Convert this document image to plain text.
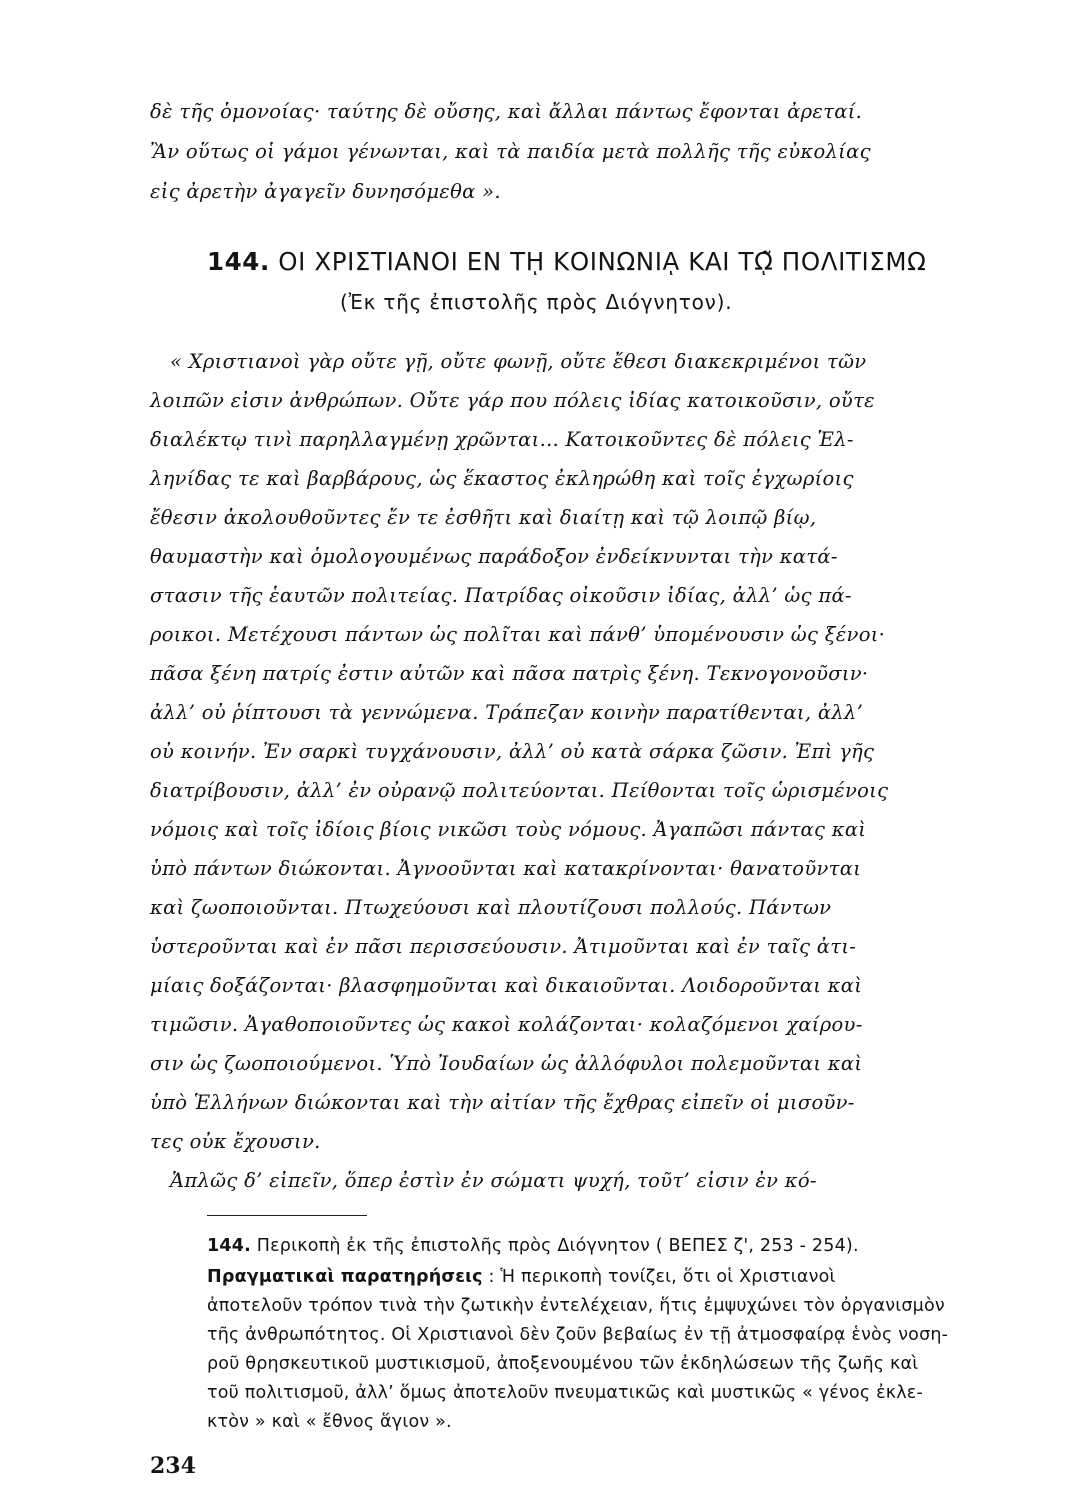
δὲ τῆς ὁμονοίας· ταύτης δὲ οὔσης, καὶ ἄλλαι πάντως ἔφονται ἀρεταί.
Ἂν οὕτως οἱ γάμοι γένωνται, καὶ τὰ παιδία μετὰ πολλῆς τῆς εὐκολίας
εἰς ἀρετὴν ἀγαγεῖν δυνησόμεθα ».
144. ΟΙ ΧΡΙΣΤΙΑΝΟΙ ΕΝ Τῌ ΚΟΙΝΩΝΙᾼ ΚΑΙ Τῼ͂ ΠΟΛΙΤΙΣΜΩ
(Ἐκ τῆς ἐπιστολῆς πρὸς Διόγνητον).
« Χριστιανοὶ γὰρ οὔτε γῇ, οὔτε φωνῇ, οὔτε ἔθεσι διακεκριμένοι τῶν
λοιπῶν εἰσιν ἀνθρώπων. Οὔτε γάρ που πόλεις ἰδίας κατοικοῦσιν, οὔτε
διαλέκτῳ τινὶ παρηλλαγμένῃ χρῶνται... Κατοικοῦντες δὲ πόλεις Ἑλ-
ληνίδας τε καὶ βαρβάρους, ὡς ἕκαστος ἐκληρώθη καὶ τοῖς ἐγχωρίοις
ἔθεσιν ἀκολουθοῦντες ἔν τε ἐσθῆτι καὶ διαίτῃ καὶ τῷ λοιπῷ βίῳ,
θαυμαστὴν καὶ ὁμολογουμένως παράδοξον ἐνδείκνυνται τὴν κατά-
στασιν τῆς ἑαυτῶν πολιτείας. Πατρίδας οἰκοῦσιν ἰδίας, ἀλλ’ ὡς πά-
ροικοι. Μετέχουσι πάντων ὡς πολῖται καὶ πάνθ’ ὑπομένουσιν ὡς ξένοι·
πᾶσα ξένη πατρίς ἐστιν αὐτῶν καὶ πᾶσα πατρὶς ξένη. Τεκνογονοῦσιν·
ἀλλ’ οὐ ῥίπτουσι τὰ γεννώμενα. Τράπεζαν κοινὴν παρατίθενται, ἀλλ’
οὐ κοινήν. Ἐν σαρκὶ τυγχάνουσιν, ἀλλ’ οὐ κατὰ σάρκα ζῶσιν. Ἐπὶ γῆς
διατρίβουσιν, ἀλλ’ ἐν οὐρανῷ πολιτεύονται. Πείθονται τοῖς ὡρισμένοις
νόμοις καὶ τοῖς ἰδίοις βίοις νικῶσι τοὺς νόμους. Ἀγαπῶσι πάντας καὶ
ὑπὸ πάντων διώκονται. Ἀγνοοῦνται καὶ κατακρίνονται· θανατοῦνται
καὶ ζωοποιοῦνται. Πτωχεύουσι καὶ πλουτίζουσι πολλούς. Πάντων
ὑστεροῦνται καὶ ἐν πᾶσι περισσεύουσιν. Ἀτιμοῦνται καὶ ἐν ταῖς ἀτι-
μίαις δοξάζονται· βλασφημοῦνται καὶ δικαιοῦνται. Λοιδοροῦνται καὶ
τιμῶσιν. Ἀγαθοποιοῦντες ὡς κακοὶ κολάζονται· κολαζόμενοι χαίρου-
σιν ὡς ζωοποιούμενοι. Ὑπὸ Ἰουδαίων ὡς ἀλλόφυλοι πολεμοῦνται καὶ
ὑπὸ Ἑλλήνων διώκονται καὶ τὴν αἰτίαν τῆς ἔχθρας εἰπεῖν οἱ μισοῦν-
τες οὐκ ἔχουσιν.
Ἁπλῶς δ’ εἰπεῖν, ὅπερ ἐστὶν ἐν σώματι ψυχή, τοῦτ’ εἰσιν ἐν κό-
144. Περικοπὴ ἐκ τῆς ἐπιστολῆς πρὸς Διόγνητον ( ΒΕΠΕΣ ζ', 253 - 254).
Πραγματικαὶ παρατηρήσεις : Ἡ περικοπὴ τονίζει, ὅτι οἱ Χριστιανοὶ
ἀποτελοῦν τρόπον τινὰ τὴν ζωτικὴν ἐντελέχειαν, ἥτις ἐμψυχώνει τὸν ὀργανισμὸν
τῆς ἀνθρωπότητος. Οἱ Χριστιανοὶ δὲν ζοῦν βεβαίως ἐν τῇ ἀτμοσφαίρᾳ ἑνὸς νοση-
ροῦ θρησκευτικοῦ μυστικισμοῦ, ἀποξενουμένου τῶν ἐκδηλώσεων τῆς ζωῆς καὶ
τοῦ πολιτισμοῦ, ἀλλ’ ὅμως ἀποτελοῦν πνευματικῶς καὶ μυστικῶς « γένος ἐκλε-
κτὸν » καὶ « ἔθνος ἅγιον ».
234
